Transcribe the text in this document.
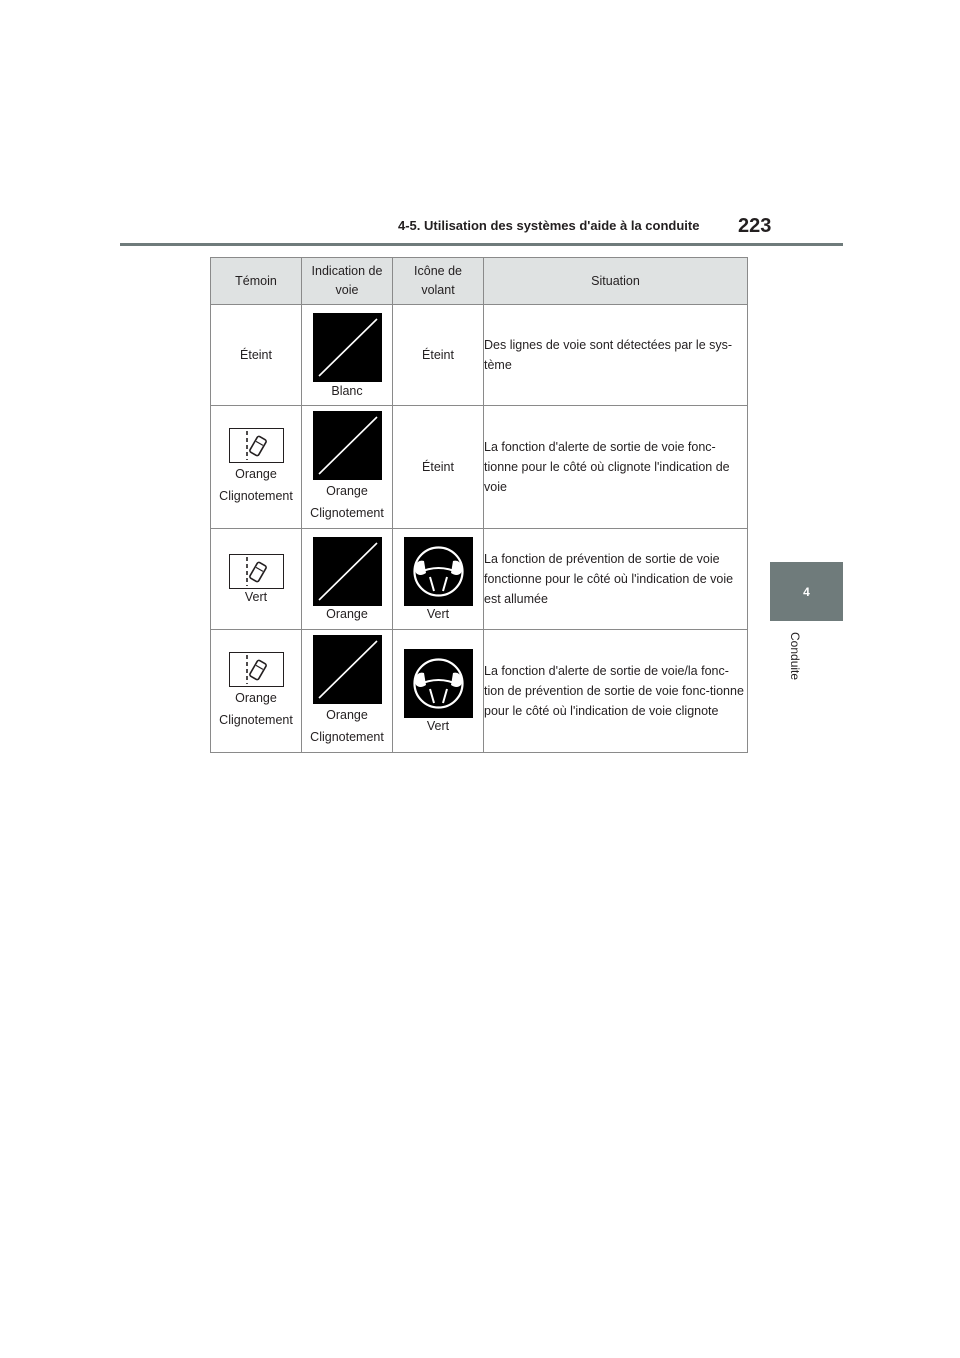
4-5. Utilisation des systèmes d'aide à la conduite 223
4
Conduite
Témoin	Indication de voie	Icône de volant	Situation
Éteint	Blanc	Éteint	Des lignes de voie sont détectées par le sys-tème

Orange
Clignotement	Orange
Clignotement	Éteint	La fonction d'alerte de sortie de voie fonc-tionne pour le côté où clignote l'indication de voie

Vert	Orange	Vert	La fonction de prévention de sortie de voie fonctionne pour le côté où l'indication de voie est allumée

Orange
Clignotement	Orange
Clignotement	Vert	La fonction d'alerte de sortie de voie/la fonc-tion de prévention de sortie de voie fonc-tionne pour le côté où l'indication de voie clignote
